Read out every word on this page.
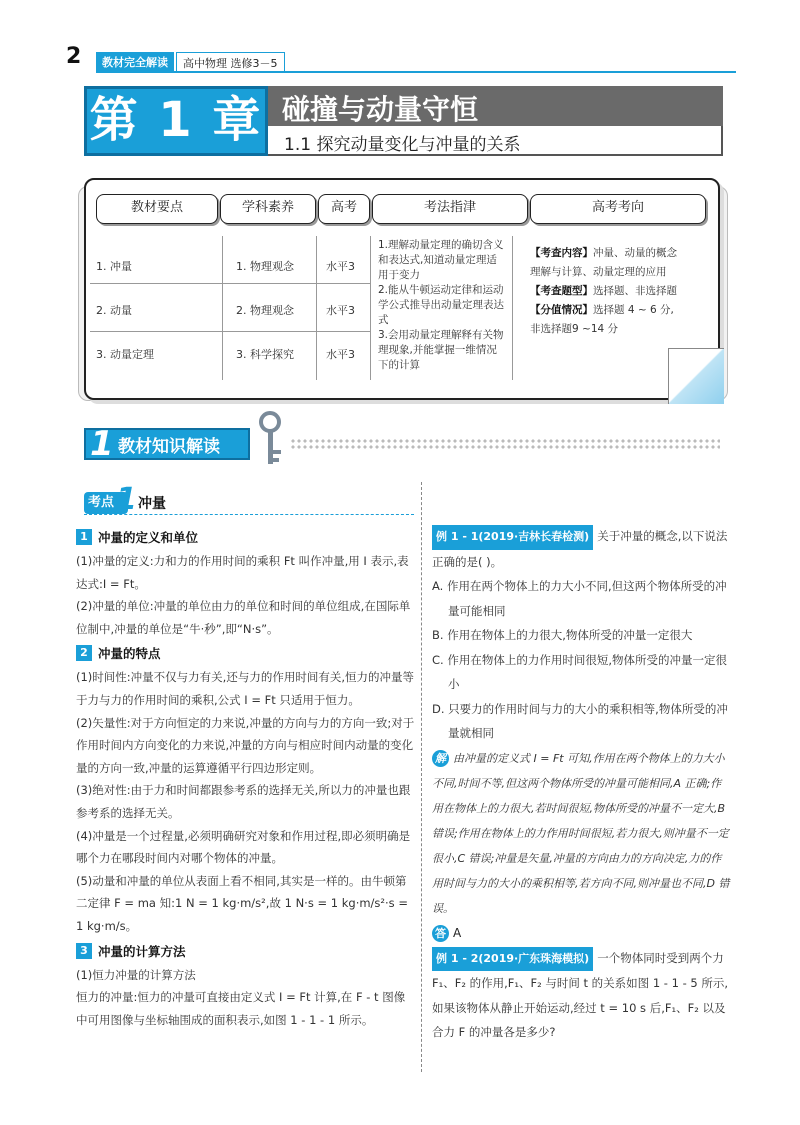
2	教材完全解读	高中物理 选修3－5
第 1 章 碰撞与动量守恒
1.1 探究动量变化与冲量的关系
教材要点	学科素养	高考	考法指津	高考考向
1. 冲量	1. 物理观念	水平3
2. 动量	2. 物理观念	水平3
3. 动量定理	3. 科学探究	水平3
1.理解动量定理的确切含义和表达式,知道动量定理适用于变力
2.能从牛顿运动定律和运动学公式推导出动量定理表达式
3.会用动量定理解释有关物理现象,并能掌握一维情况下的计算
【考查内容】冲量、动量的概念理解与计算、动量定理的应用
【考查题型】选择题、非选择题
【分值情况】选择题 4 ~ 6 分,非选择题9 ~14 分
1 教材知识解读
考点 1 冲量
1 冲量的定义和单位
(1)冲量的定义:力和力的作用时间的乘积 Ft 叫作冲量,用 I 表示,表达式:I = Ft。
(2)冲量的单位:冲量的单位由力的单位和时间的单位组成,在国际单位制中,冲量的单位是“牛·秒”,即“N·s”。
2 冲量的特点
(1)时间性:冲量不仅与力有关,还与力的作用时间有关,恒力的冲量等于力与力的作用时间的乘积,公式 I = Ft 只适用于恒力。
(2)矢量性:对于方向恒定的力来说,冲量的方向与力的方向一致;对于作用时间内方向变化的力来说,冲量的方向与相应时间内动量的变化量的方向一致,冲量的运算遵循平行四边形定则。
(3)绝对性:由于力和时间都跟参考系的选择无关,所以力的冲量也跟参考系的选择无关。
(4)冲量是一个过程量,必须明确研究对象和作用过程,即必须明确是哪个力在哪段时间内对哪个物体的冲量。
(5)动量和冲量的单位从表面上看不相同,其实是一样的。由牛顿第二定律 F = ma 知:1 N = 1 kg·m/s²,故 1 N·s = 1 kg·m/s²·s = 1 kg·m/s。
3 冲量的计算方法
(1)恒力冲量的计算方法
恒力的冲量:恒力的冲量可直接由定义式 I = Ft 计算,在 F - t 图像中可用图像与坐标轴围成的面积表示,如图 1 - 1 - 1 所示。
例 1 - 1(2019·吉林长春检测) 关于冲量的概念,以下说法正确的是( )。
A. 作用在两个物体上的力大小不同,但这两个物体所受的冲量可能相同
B. 作用在物体上的力很大,物体所受的冲量一定很大
C. 作用在物体上的力作用时间很短,物体所受的冲量一定很小
D. 只要力的作用时间与力的大小的乘积相等,物体所受的冲量就相同
解 由冲量的定义式 I = Ft 可知,作用在两个物体上的力大小不同,时间不等,但这两个物体所受的冲量可能相同,A 正确;作用在物体上的力很大,若时间很短,物体所受的冲量不一定大,B 错误;作用在物体上的力作用时间很短,若力很大,则冲量不一定很小,C 错误;冲量是矢量,冲量的方向由力的方向决定,力的作用时间与力的大小的乘积相等,若方向不同,则冲量也不同,D 错误。
答 A
例 1 - 2(2019·广东珠海模拟) 一个物体同时受到两个力 F₁、F₂ 的作用,F₁、F₂ 与时间 t 的关系如图 1 - 1 - 5 所示,如果该物体从静止开始运动,经过 t = 10 s 后,F₁、F₂ 以及合力 F 的冲量各是多少?
